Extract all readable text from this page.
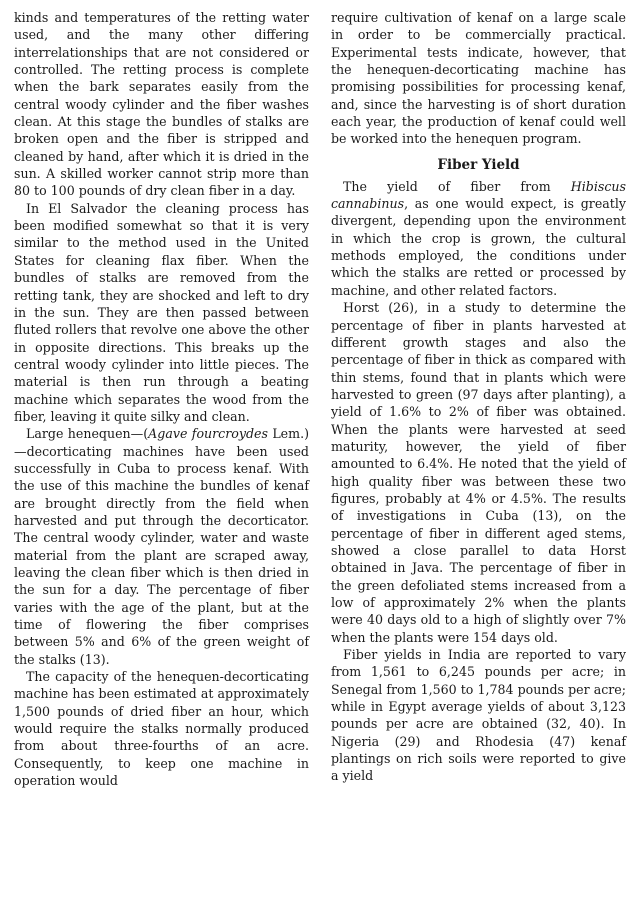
kinds and temperatures of the retting water used, and the many other differing interrelationships that are not considered or controlled. The retting process is complete when the bark separates easily from the central woody cylinder and the fiber washes clean. At this stage the bundles of stalks are broken open and the fiber is stripped and cleaned by hand, after which it is dried in the sun. A skilled worker cannot strip more than 80 to 100 pounds of dry clean fiber in a day.

In El Salvador the cleaning process has been modified somewhat so that it is very similar to the method used in the United States for cleaning flax fiber. When the bundles of stalks are removed from the retting tank, they are shocked and left to dry in the sun. They are then passed between fluted rollers that revolve one above the other in opposite directions. This breaks up the central woody cylinder into little pieces. The material is then run through a beating machine which separates the wood from the fiber, leaving it quite silky and clean.

Large henequen—(Agave fourcroydes Lem.)—decorticating machines have been used successfully in Cuba to process kenaf. With the use of this machine the bundles of kenaf are brought directly from the field when harvested and put through the decorticator. The central woody cylinder, water and waste material from the plant are scraped away, leaving the clean fiber which is then dried in the sun for a day. The percentage of fiber varies with the age of the plant, but at the time of flowering the fiber comprises between 5% and 6% of the green weight of the stalks (13).

The capacity of the henequen-decorticating machine has been estimated at approximately 1,500 pounds of dried fiber an hour, which would require the stalks normally produced from about three-fourths of an acre. Consequently, to keep one machine in operation would

require cultivation of kenaf on a large scale in order to be commercially practical. Experimental tests indicate, however, that the henequen-decorticating machine has promising possibilities for processing kenaf, and, since the harvesting is of short duration each year, the production of kenaf could well be worked into the henequen program.

Fiber Yield

The yield of fiber from Hibiscus cannabinus, as one would expect, is greatly divergent, depending upon the environment in which the crop is grown, the cultural methods employed, the conditions under which the stalks are retted or processed by machine, and other related factors.

Horst (26), in a study to determine the percentage of fiber in plants harvested at different growth stages and also the percentage of fiber in thick as compared with thin stems, found that in plants which were harvested to green (97 days after planting), a yield of 1.6% to 2% of fiber was obtained. When the plants were harvested at seed maturity, however, the yield of fiber amounted to 6.4%. He noted that the yield of high quality fiber was between these two figures, probably at 4% or 4.5%. The results of investigations in Cuba (13), on the percentage of fiber in different aged stems, showed a close parallel to data Horst obtained in Java. The percentage of fiber in the green defoliated stems increased from a low of approximately 2% when the plants were 40 days old to a high of slightly over 7% when the plants were 154 days old.

Fiber yields in India are reported to vary from 1,561 to 6,245 pounds per acre; in Senegal from 1,560 to 1,784 pounds per acre; while in Egypt average yields of about 3,123 pounds per acre are obtained (32, 40). In Nigeria (29) and Rhodesia (47) kenaf plantings on rich soils were reported to give a yield
